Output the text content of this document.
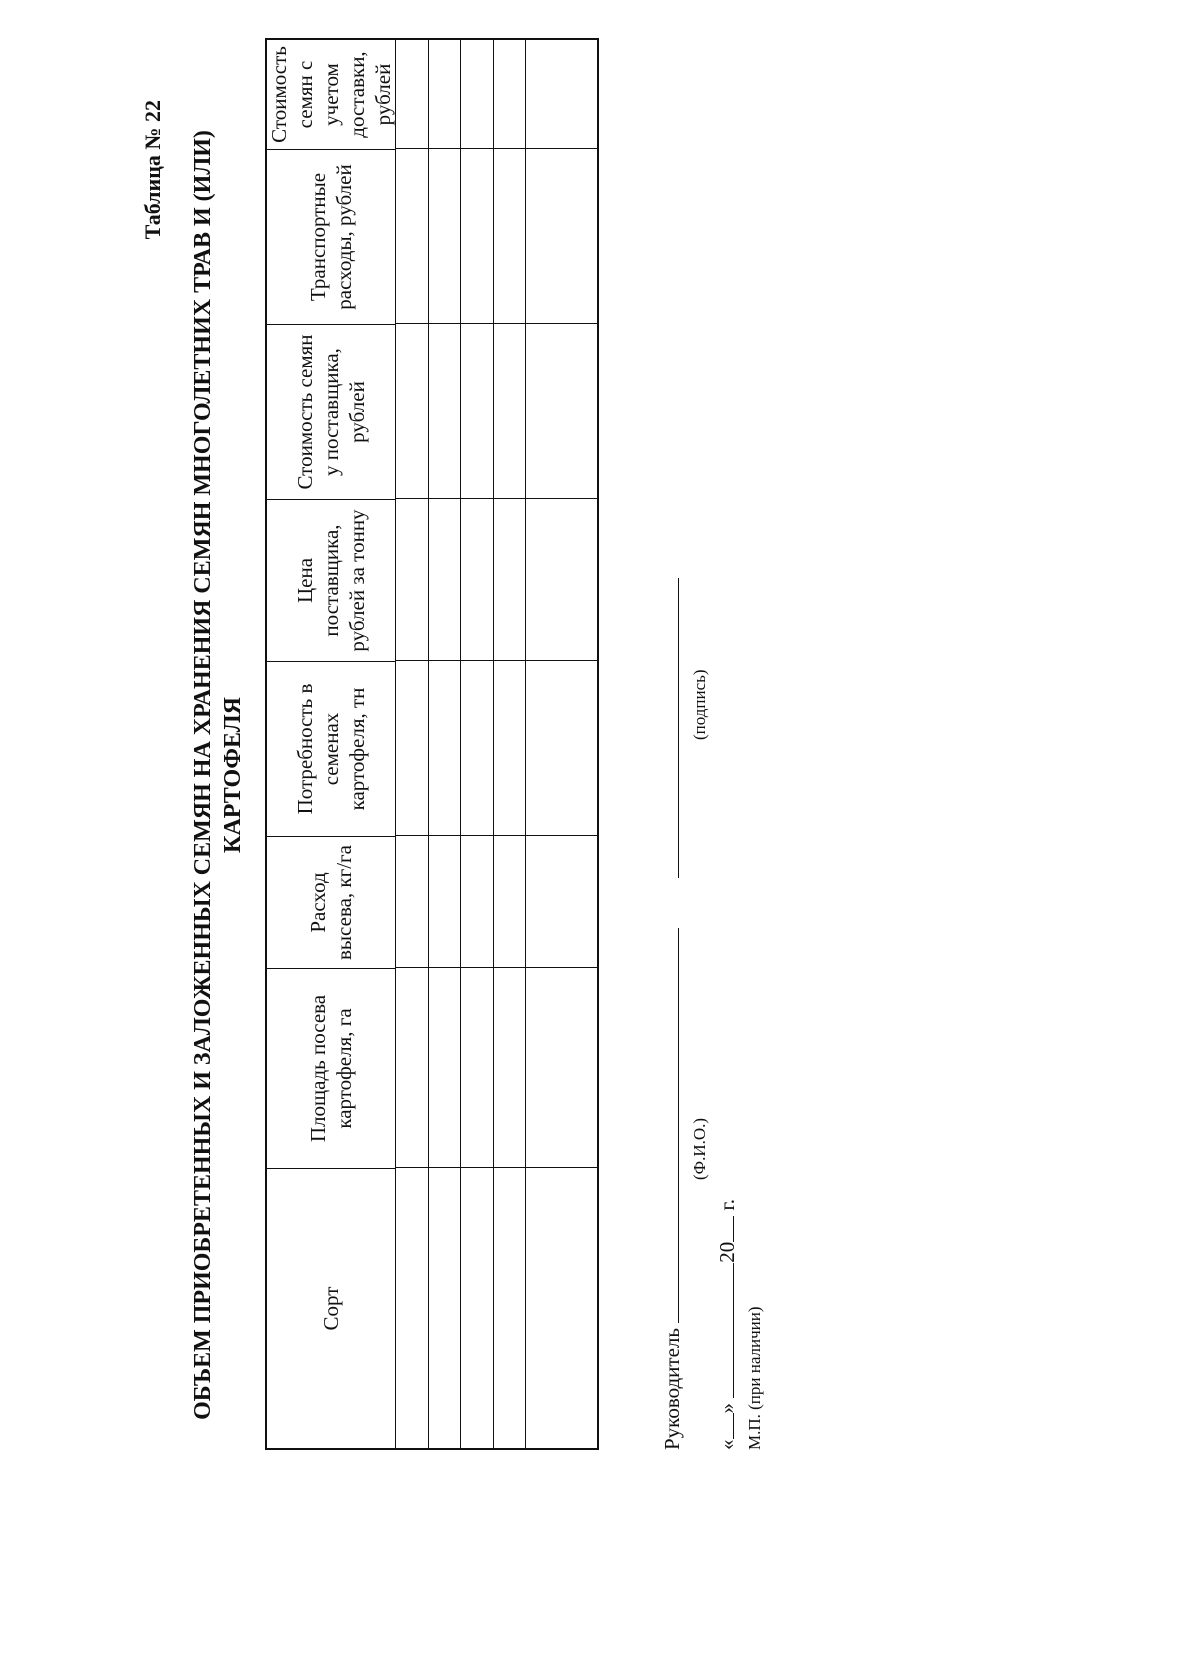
Таблица № 22 ОБЪЕМ ПРИОБРЕТЕННЫХ И ЗАЛОЖЕННЫХ СЕМЯН НА ХРАНЕНИЯ СЕМЯН МНОГОЛЕТНИХ ТРАВ И (ИЛИ) КАРТОФЕЛЯ
Сорт
Площадь посева картофеля, га
Расход высева, кг/га
Потребность в семенах картофеля, тн
Цена поставщика, рублей за тонну
Стоимость семян у поставщика, рублей
Транспортные расходы, рублей
Стоимость семян с учетом доставки, рублей
Руководитель
(Ф.И.О.)
(подпись)
«» 20 г.
М.П. (при наличии)
